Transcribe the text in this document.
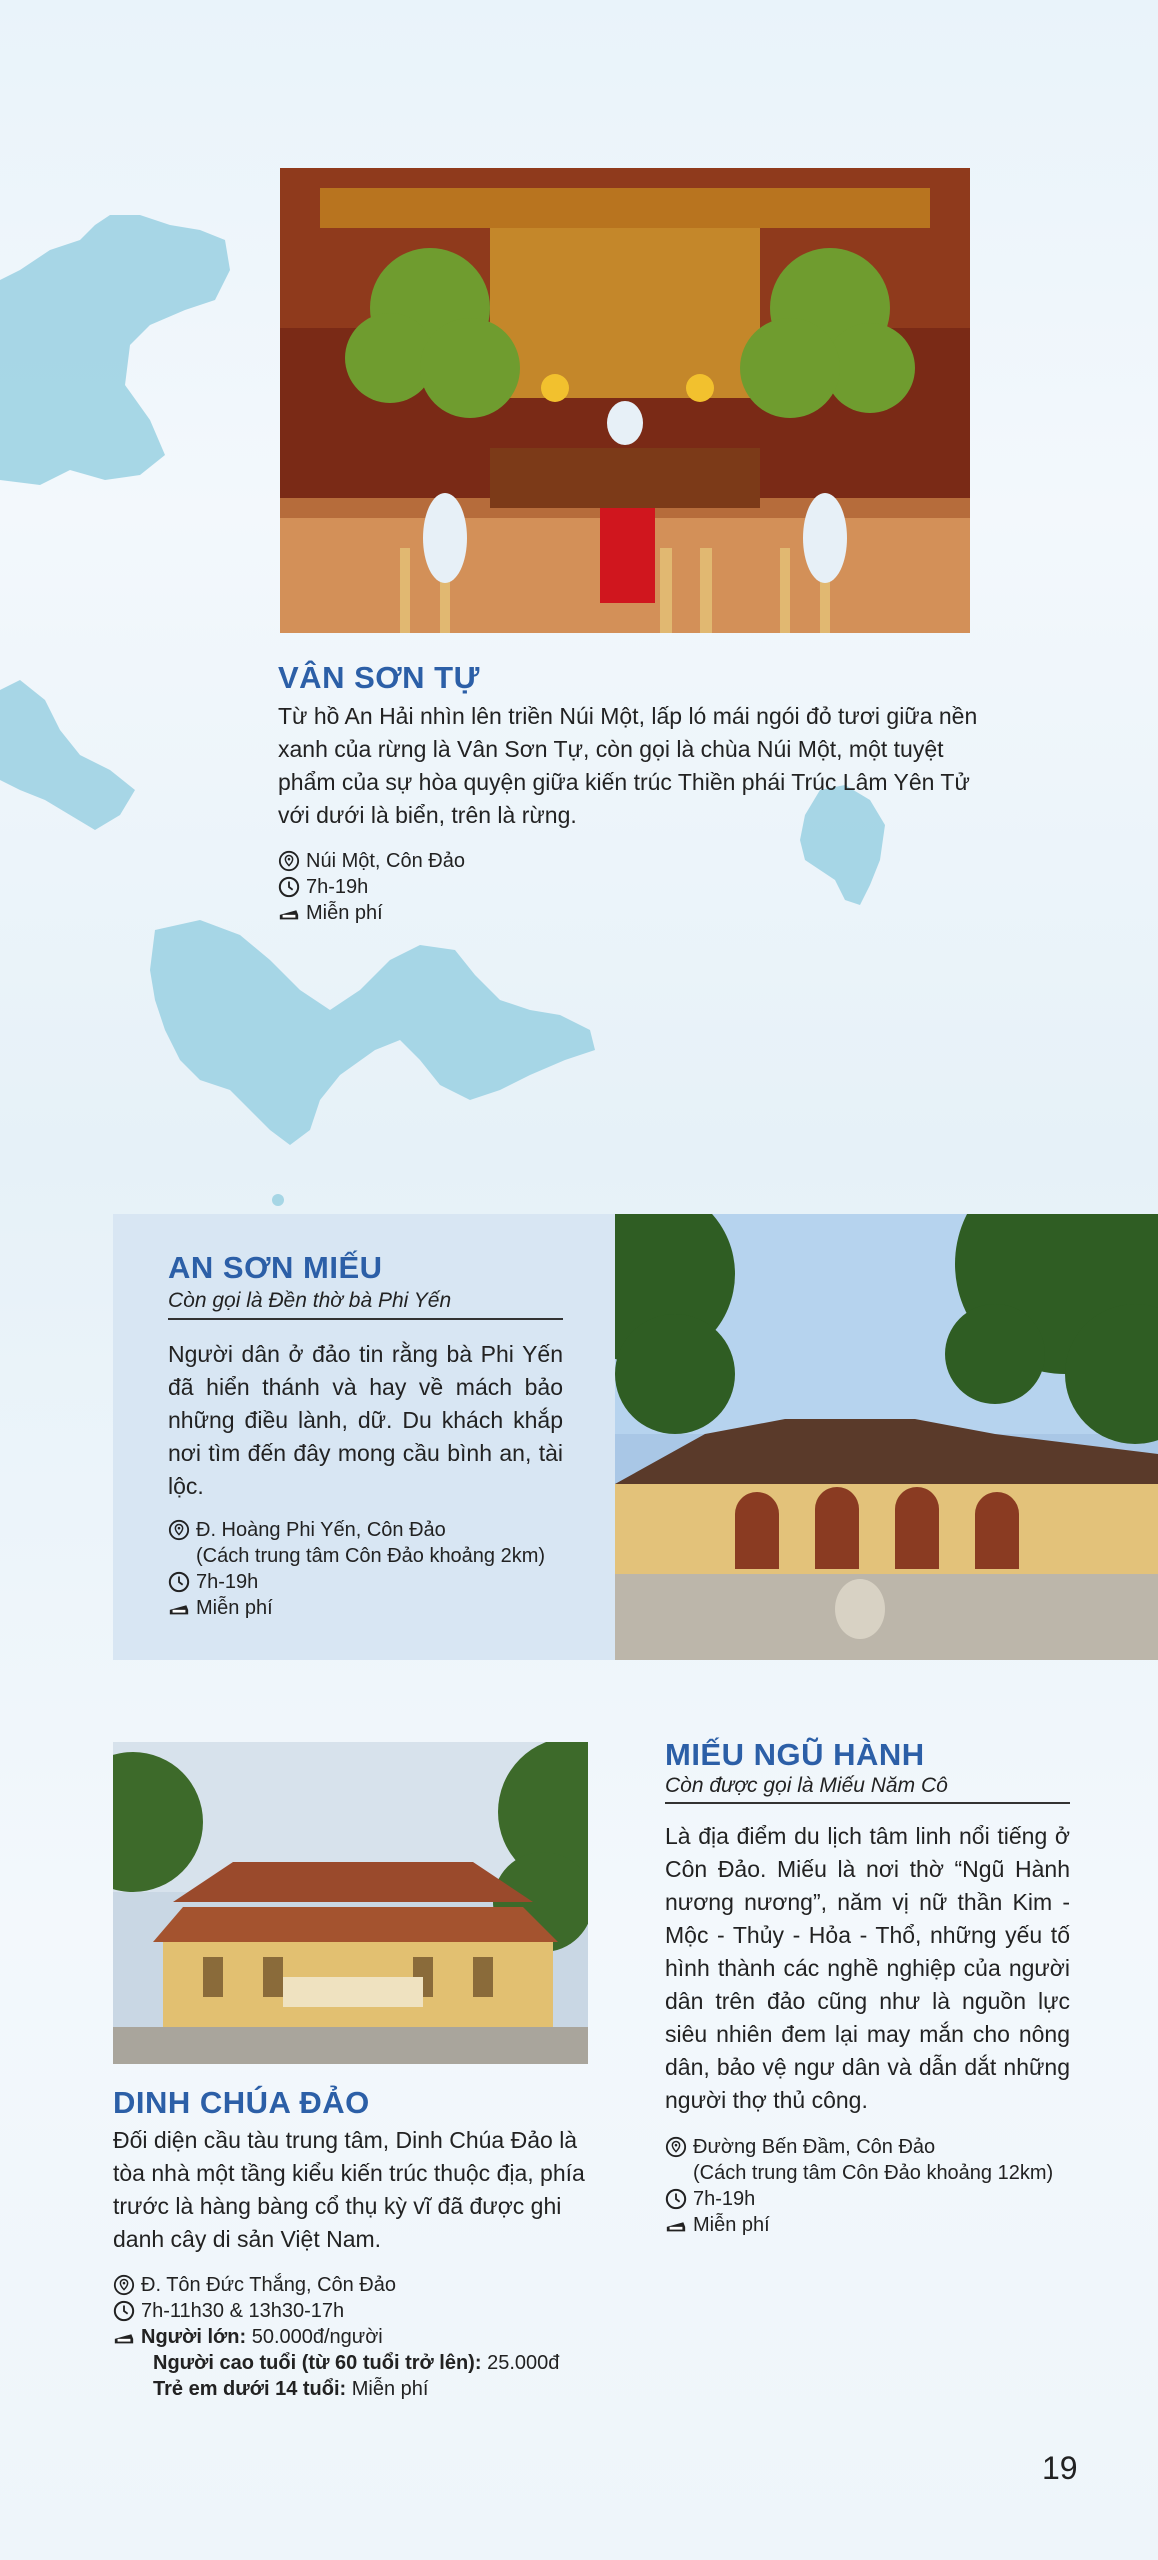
VÂN SƠN TỰ

Từ hồ An Hải nhìn lên triền Núi Một, lấp ló mái ngói đỏ tươi giữa nền xanh của rừng là Vân Sơn Tự, còn gọi là chùa Núi Một, một tuyệt phẩm của sự hòa quyện giữa kiến trúc Thiền phái Trúc Lâm Yên Tử với dưới là biển, trên là rừng.

Núi Một, Côn Đảo
7h-19h
Miễn phí
AN SƠN MIẾU
Còn gọi là Đền thờ bà Phi Yến

Người dân ở đảo tin rằng bà Phi Yến đã hiển thánh và hay về mách bảo những điều lành, dữ. Du khách khắp nơi tìm đến đây mong cầu bình an, tài lộc.

Đ. Hoàng Phi Yến, Côn Đảo
(Cách trung tâm Côn Đảo khoảng 2km)
7h-19h
Miễn phí
DINH CHÚA ĐẢO

Đối diện cầu tàu trung tâm, Dinh Chúa Đảo là tòa nhà một tầng kiểu kiến trúc thuộc địa, phía trước là hàng bàng cổ thụ kỳ vĩ đã được ghi danh cây di sản Việt Nam.

Đ. Tôn Đức Thắng, Côn Đảo
7h-11h30 & 13h30-17h
Người lớn: 50.000đ/người
Người cao tuổi (từ 60 tuổi trở lên): 25.000đ
Trẻ em dưới 14 tuổi: Miễn phí
MIẾU NGŨ HÀNH
Còn được gọi là Miếu Năm Cô

Là địa điểm du lịch tâm linh nổi tiếng ở Côn Đảo. Miếu là nơi thờ “Ngũ Hành nương nương”, năm vị nữ thần Kim - Mộc - Thủy - Hỏa - Thổ, những yếu tố hình thành các nghề nghiệp của người dân trên đảo cũng như là nguồn lực siêu nhiên đem lại may mắn cho nông dân, bảo vệ ngư dân và dẫn dắt những người thợ thủ công.

Đường Bến Đầm, Côn Đảo
(Cách trung tâm Côn Đảo khoảng 12km)
7h-19h
Miễn phí
19
